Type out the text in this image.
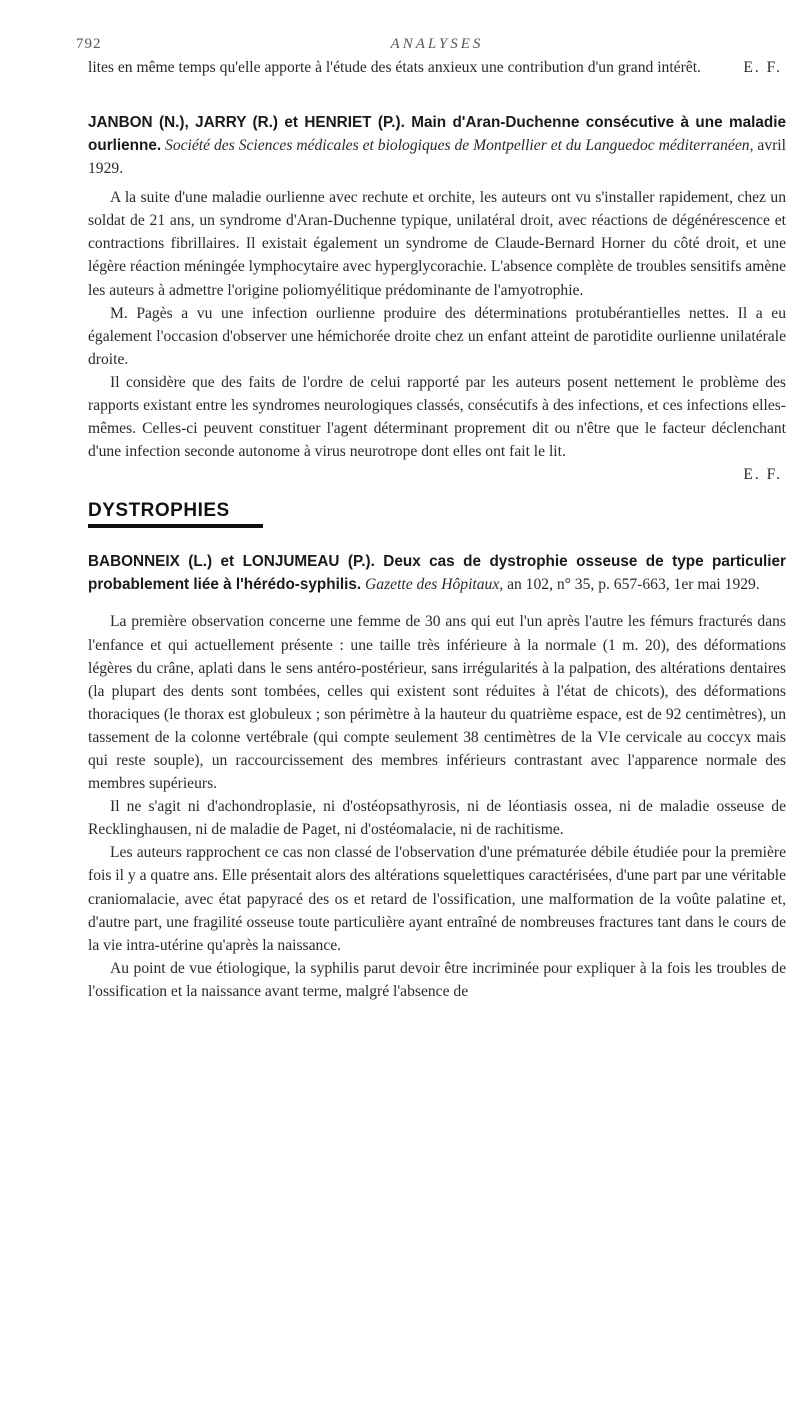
792	ANALYSES

lites en même temps qu'elle apporte à l'étude des états anxieux une contribution d'un grand intérêt.	E. F.

JANBON (N.), JARRY (R.) et HENRIET (P.). Main d'Aran-Duchenne consécutive à une maladie ourlienne. Société des Sciences médicales et biologiques de Montpellier et du Languedoc méditerranéen, avril 1929.

A la suite d'une maladie ourlienne avec rechute et orchite, les auteurs ont vu s'installer rapidement, chez un soldat de 21 ans, un syndrome d'Aran-Duchenne typique, unilatéral droit, avec réactions de dégénérescence et contractions fibrillaires. Il existait également un syndrome de Claude-Bernard Horner du côté droit, et une légère réaction méningée lymphocytaire avec hyperglycorachie. L'absence complète de troubles sensitifs amène les auteurs à admettre l'origine poliomyélitique prédominante de l'amyotrophie.

M. Pagès a vu une infection ourlienne produire des déterminations protubérantielles nettes. Il a eu également l'occasion d'observer une hémichorée droite chez un enfant atteint de parotidite ourlienne unilatérale droite.

Il considère que des faits de l'ordre de celui rapporté par les auteurs posent nettement le problème des rapports existant entre les syndromes neurologiques classés, consécutifs à des infections, et ces infections elles-mêmes. Celles-ci peuvent constituer l'agent déterminant proprement dit ou n'être que le facteur déclenchant d'une infection seconde autonome à virus neurotrope dont elles ont fait le lit.

E. F.

DYSTROPHIES
BABONNEIX (L.) et LONJUMEAU (P.). Deux cas de dystrophie osseuse de type particulier probablement liée à l'hérédo-syphilis. Gazette des Hôpitaux, an 102, n° 35, p. 657-663, 1er mai 1929.

La première observation concerne une femme de 30 ans qui eut l'un après l'autre les fémurs fracturés dans l'enfance et qui actuellement présente : une taille très inférieure à la normale (1 m. 20), des déformations légères du crâne, aplati dans le sens antéro-postérieur, sans irrégularités à la palpation, des altérations dentaires (la plupart des dents sont tombées, celles qui existent sont réduites à l'état de chicots), des déformations thoraciques (le thorax est globuleux ; son périmètre à la hauteur du quatrième espace, est de 92 centimètres), un tassement de la colonne vertébrale (qui compte seulement 38 centimètres de la VIe cervicale au coccyx mais qui reste souple), un raccourcissement des membres inférieurs contrastant avec l'apparence normale des membres supérieurs.

Il ne s'agit ni d'achondroplasie, ni d'ostéopsathyrosis, ni de léontiasis ossea, ni de maladie osseuse de Recklinghausen, ni de maladie de Paget, ni d'ostéomalacie, ni de rachitisme.

Les auteurs rapprochent ce cas non classé de l'observation d'une prématurée débile étudiée pour la première fois il y a quatre ans. Elle présentait alors des altérations squelettiques caractérisées, d'une part par une véritable craniomalacie, avec état papyracé des os et retard de l'ossification, une malformation de la voûte palatine et, d'autre part, une fragilité osseuse toute particulière ayant entraîné de nombreuses fractures tant dans le cours de la vie intra-utérine qu'après la naissance.

Au point de vue étiologique, la syphilis parut devoir être incriminée pour expliquer à la fois les troubles de l'ossification et la naissance avant terme, malgré l'absence de
